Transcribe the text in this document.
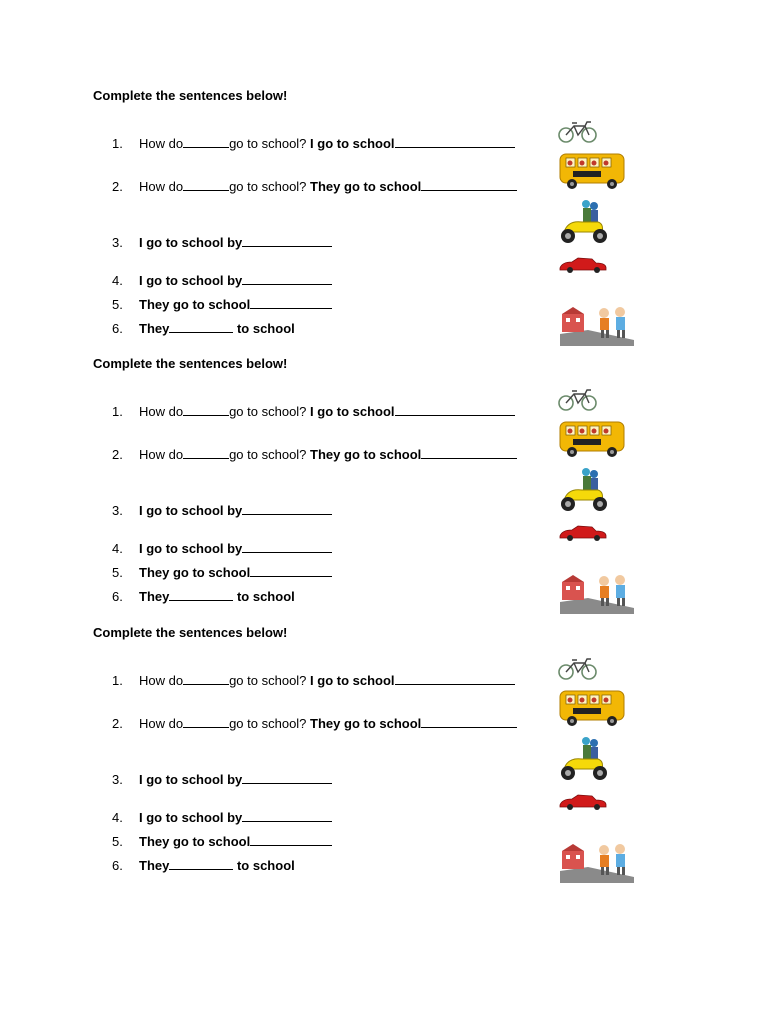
Complete the sentences below!
1. How do	go to school? I go to school
2. How do	go to school? They go to school
3. I go to school by
4. I go to school by
5. They go to school
6. They	to school
Complete the sentences below!
1. How do	go to school? I go to school
2. How do	go to school? They go to school
3. I go to school by
4. I go to school by
5. They go to school
6. They	to school
Complete the sentences below!
1. How do	go to school? I go to school
2. How do	go to school? They go to school
3. I go to school by
4. I go to school by
5. They go to school
6. They	to school
